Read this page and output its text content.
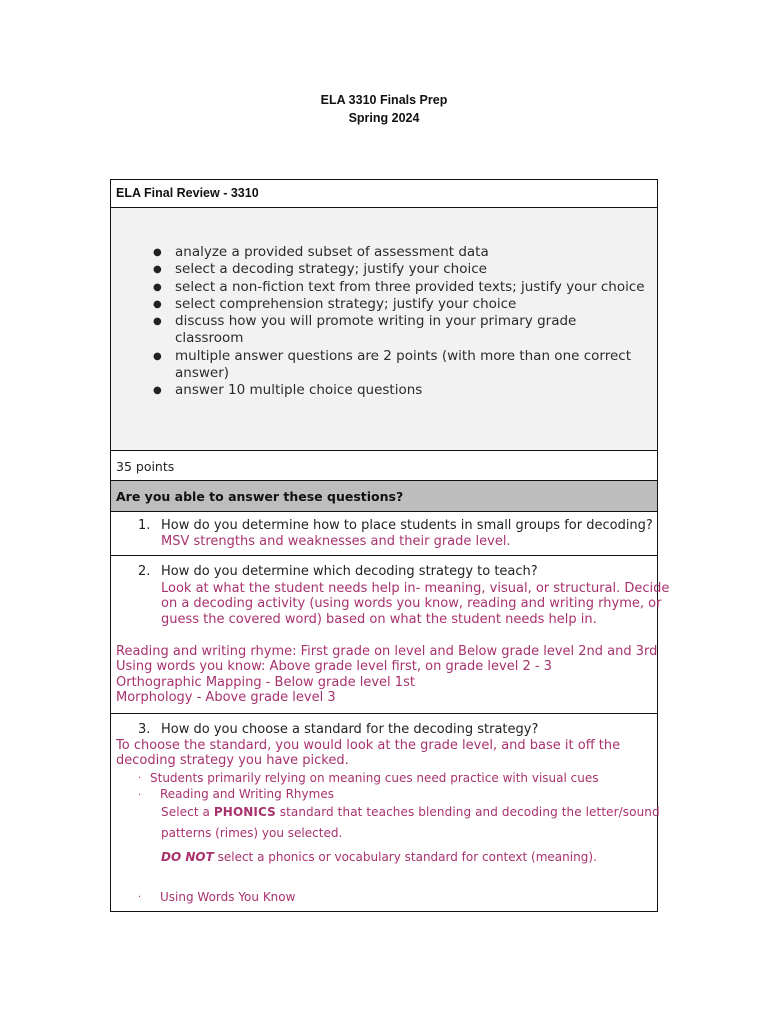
ELA 3310 Finals Prep
Spring 2024
ELA Final Review - 3310
● analyze a provided subset of assessment data
● select a decoding strategy; justify your choice
● select a non-fiction text from three provided texts; justify your choice
● select comprehension strategy; justify your choice
● discuss how you will promote writing in your primary grade classroom
● multiple answer questions are 2 points (with more than one correct answer)
● answer 10 multiple choice questions
35 points
Are you able to answer these questions?
1. How do you determine how to place students in small groups for decoding?
MSV strengths and weaknesses and their grade level.
2. How do you determine which decoding strategy to teach?
Look at what the student needs help in- meaning, visual, or structural. Decide
on a decoding activity (using words you know, reading and writing rhyme, or
guess the covered word) based on what the student needs help in.
Reading and writing rhyme: First grade on level and Below grade level 2nd and 3rd
Using words you know: Above grade level first, on grade level 2 - 3
Orthographic Mapping - Below grade level 1st
Morphology - Above grade level 3
3. How do you choose a standard for the decoding strategy?
To choose the standard, you would look at the grade level, and base it off the
decoding strategy you have picked.
· Students primarily relying on meaning cues need practice with visual cues
· Reading and Writing Rhymes
Select a PHONICS standard that teaches blending and decoding the letter/sound
patterns (rimes) you selected.
DO NOT select a phonics or vocabulary standard for context (meaning).
· Using Words You Know
